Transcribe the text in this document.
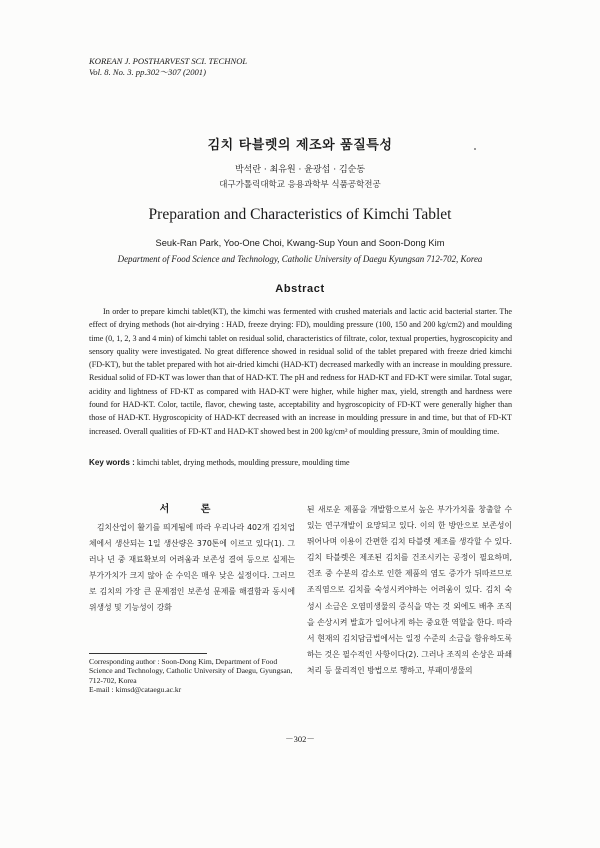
KOREAN J. POSTHARVEST SCI. TECHNOL
Vol. 8. No. 3. pp.302～307 (2001)
김치 타블렛의 제조와 품질특성
박석란 · 최유원 · 윤광섭 · 김순동
대구가톨릭대학교 응용과학부 식품공학전공
Preparation and Characteristics of Kimchi Tablet
Seuk-Ran Park, Yoo-One Choi, Kwang-Sup Youn and Soon-Dong Kim
Department of Food Science and Technology, Catholic University of Daegu Kyungsan 712-702, Korea
Abstract
In order to prepare kimchi tablet(KT), the kimchi was fermented with crushed materials and lactic acid bacterial starter. The effect of drying methods (hot air-drying : HAD, freeze drying: FD), moulding pressure (100, 150 and 200 kg/cm2) and moulding time (0, 1, 2, 3 and 4 min) of kimchi tablet on residual solid, characteristics of filtrate, color, textual properties, hygroscopicity and sensory quality were investigated. No great difference showed in residual solid of the tablet prepared with freeze dried kimchi (FD-KT), but the tablet prepared with hot air-dried kimchi (HAD-KT) decreased markedly with an increase in moulding pressure. Residual solid of FD-KT was lower than that of HAD-KT. The pH and redness for HAD-KT and FD-KT were similar. Total sugar, acidity and lightness of FD-KT as compared with HAD-KT were higher, while higher max, yield, strength and hardness were found for HAD-KT. Color, tactile, flavor, chewing taste, acceptability and hygroscopicity of FD-KT were generally higher than those of HAD-KT. Hygroscopicity of HAD-KT decreased with an increase in moulding pressure in and time, but that of FD-KT increased. Overall qualities of FD-KT and HAD-KT showed best in 200 kg/cm² of moulding pressure, 3min of moulding time.
Key words : kimchi tablet, drying methods, moulding pressure, moulding time
서 론
김치산업이 활기를 띄게됨에 따라 우리나라 402개 김치업체에서 생산되는 1일 생산량은 370톤에 이르고 있다(1). 그러나 년 중 재료확보의 어려움과 보존성 결여 등으로 실제는 부가가치가 크지 않아 순 수익은 매우 낮은 실정이다. 그러므로 김치의 가장 큰 문제점인 보존성 문제를 해결함과 동시에 위생성 및 기능성이 강화
된 새로운 제품을 개발함으로서 높은 부가가치를 창출할 수 있는 연구개발이 요망되고 있다. 이의 한 방안으로 보존성이 뛰어나며 이용이 간편한 김치 타블렛 제조를 생각할 수 있다. 김치 타블렛은 제조된 김치를 건조시키는 공정이 필요하며, 건조 중 수분의 감소로 인한 제품의 염도 증가가 뒤따르므로 조직염으로 김치를 숙성시켜야하는 어려움이 있다. 김치 숙성시 소금은 오염미생물의 증식을 막는 것 외에도 배추 조직을 손상시켜 발효가 일어나게 하는 중요한 역할을 한다. 따라서 현재의 김치담금법에서는 일정 수준의 소금을 함유하도록 하는 것은 필수적인 사항이다(2). 그러나 조직의 손상은 파쇄처리 등 물리적인 방법으로 행하고, 부패미생물의
Corresponding author : Soon-Dong Kim, Department of Food Science and Technology, Catholic University of Daegu, Gyungsan, 712-702, Korea
E-mail : kimsd@cataegu.ac.kr
－302－
